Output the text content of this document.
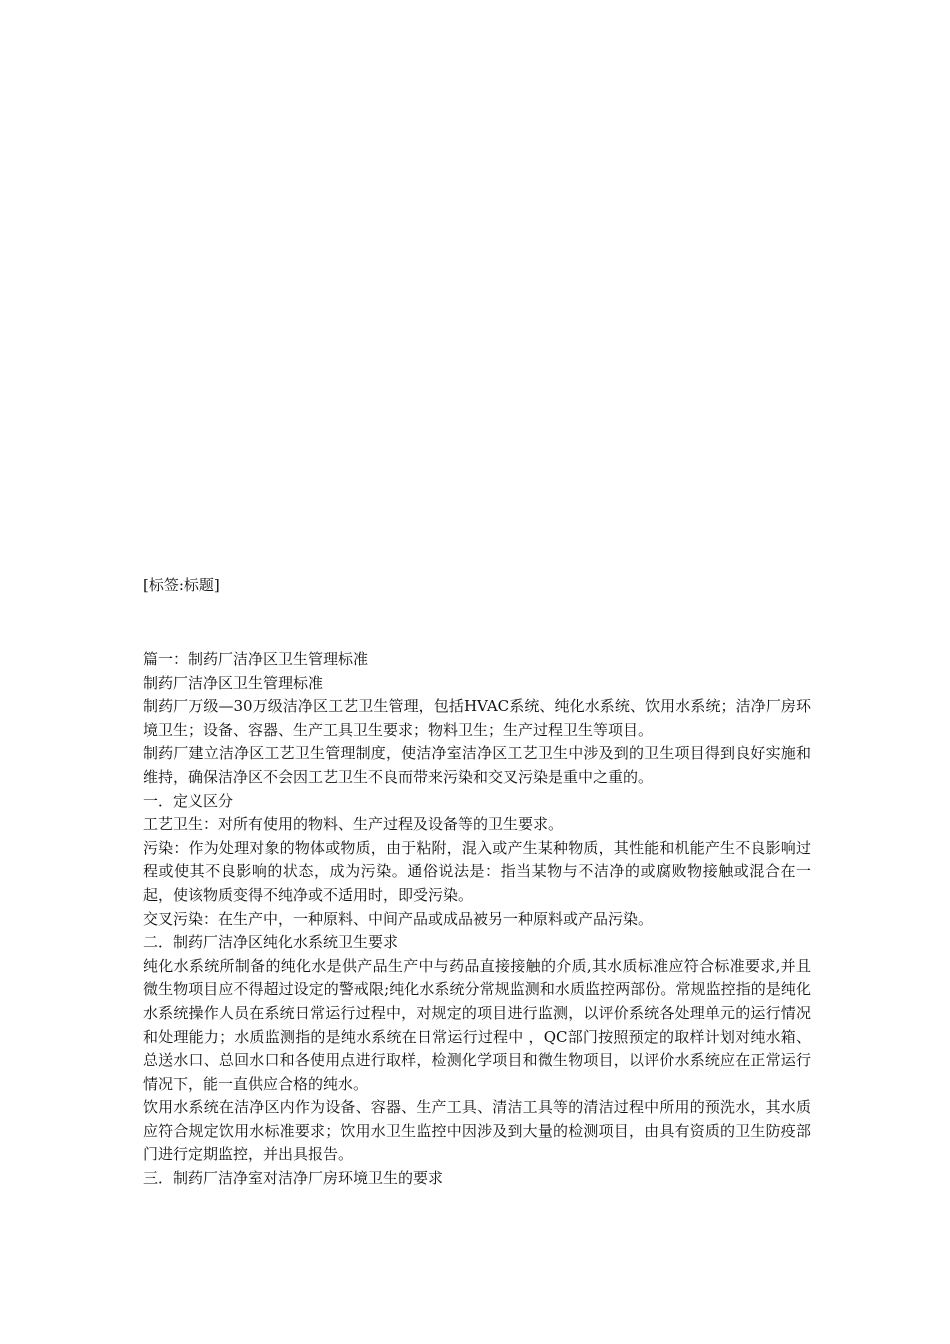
[标签:标题]

篇一：制药厂洁净区卫生管理标准

制药厂洁净区卫生管理标准

制药厂万级—30万级洁净区工艺卫生管理，包括HVAC系统、纯化水系统、饮用水系统；洁净厂房环境卫生；设备、容器、生产工具卫生要求；物料卫生；生产过程卫生等项目。

制药厂建立洁净区工艺卫生管理制度，使洁净室洁净区工艺卫生中涉及到的卫生项目得到良好实施和维持，确保洁净区不会因工艺卫生不良而带来污染和交叉污染是重中之重的。

一．定义区分

工艺卫生：对所有使用的物料、生产过程及设备等的卫生要求。

污染：作为处理对象的物体或物质，由于粘附，混入或产生某种物质，其性能和机能产生不良影响过程或使其不良影响的状态，成为污染。通俗说法是：指当某物与不洁净的或腐败物接触或混合在一起，使该物质变得不纯净或不适用时，即受污染。

交叉污染：在生产中，一种原料、中间产品或成品被另一种原料或产品污染。

二．制药厂洁净区纯化水系统卫生要求

纯化水系统所制备的纯化水是供产品生产中与药品直接接触的介质,其水质标准应符合标准要求,并且微生物项目应不得超过设定的警戒限;纯化水系统分常规监测和水质监控两部份。常规监控指的是纯化水系统操作人员在系统日常运行过程中，对规定的项目进行监测，以评价系统各处理单元的运行情况和处理能力；水质监测指的是纯水系统在日常运行过程中 ，QC部门按照预定的取样计划对纯水箱、总送水口、总回水口和各使用点进行取样，检测化学项目和微生物项目，以评价水系统应在正常运行情况下，能一直供应合格的纯水。

饮用水系统在洁净区内作为设备、容器、生产工具、清洁工具等的清洁过程中所用的预洗水，其水质应符合规定饮用水标准要求；饮用水卫生监控中因涉及到大量的检测项目，由具有资质的卫生防疫部门进行定期监控，并出具报告。

三．制药厂洁净室对洁净厂房环境卫生的要求
